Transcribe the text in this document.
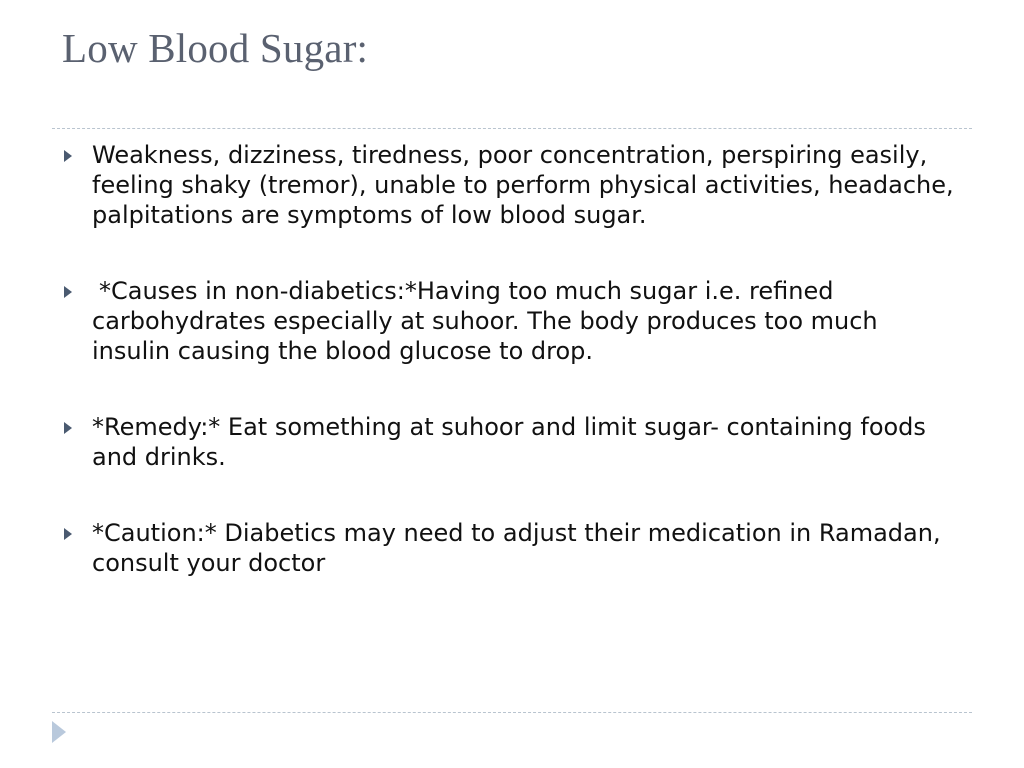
Low Blood Sugar:
Weakness, dizziness, tiredness, poor concentration, perspiring easily, feeling shaky (tremor), unable to perform physical activities, headache, palpitations are symptoms of low blood sugar.
*Causes in non-diabetics:*Having too much sugar i.e. refined carbohydrates especially at suhoor. The body produces too much insulin causing the blood glucose to drop.
*Remedy:* Eat something at suhoor and limit sugar- containing foods and drinks.
*Caution:* Diabetics may need to adjust their medication in Ramadan, consult your doctor
